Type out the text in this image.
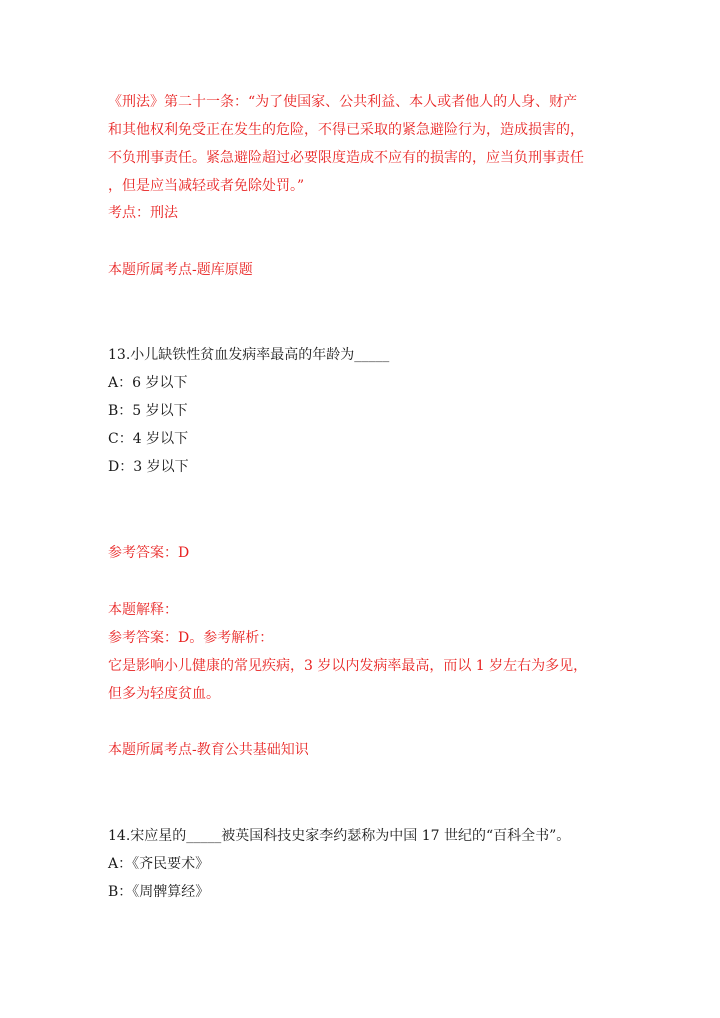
《刑法》第二十一条：“为了使国家、公共利益、本人或者他人的人身、财产
和其他权利免受正在发生的危险，不得已采取的紧急避险行为，造成损害的，
不负刑事责任。紧急避险超过必要限度造成不应有的损害的，应当负刑事责任
，但是应当减轻或者免除处罚。”
考点：刑法
本题所属考点-题库原题
13.小儿缺铁性贫血发病率最高的年龄为_____
A：6 岁以下
B：5 岁以下
C：4 岁以下
D：3 岁以下
参考答案：D
本题解释：
参考答案：D。参考解析：
它是影响小儿健康的常见疾病，3 岁以内发病率最高，而以 1 岁左右为多见，
但多为轻度贫血。
本题所属考点-教育公共基础知识
14.宋应星的_____被英国科技史家李约瑟称为中国 17 世纪的“百科全书”。
A：《齐民要术》
B：《周髀算经》
